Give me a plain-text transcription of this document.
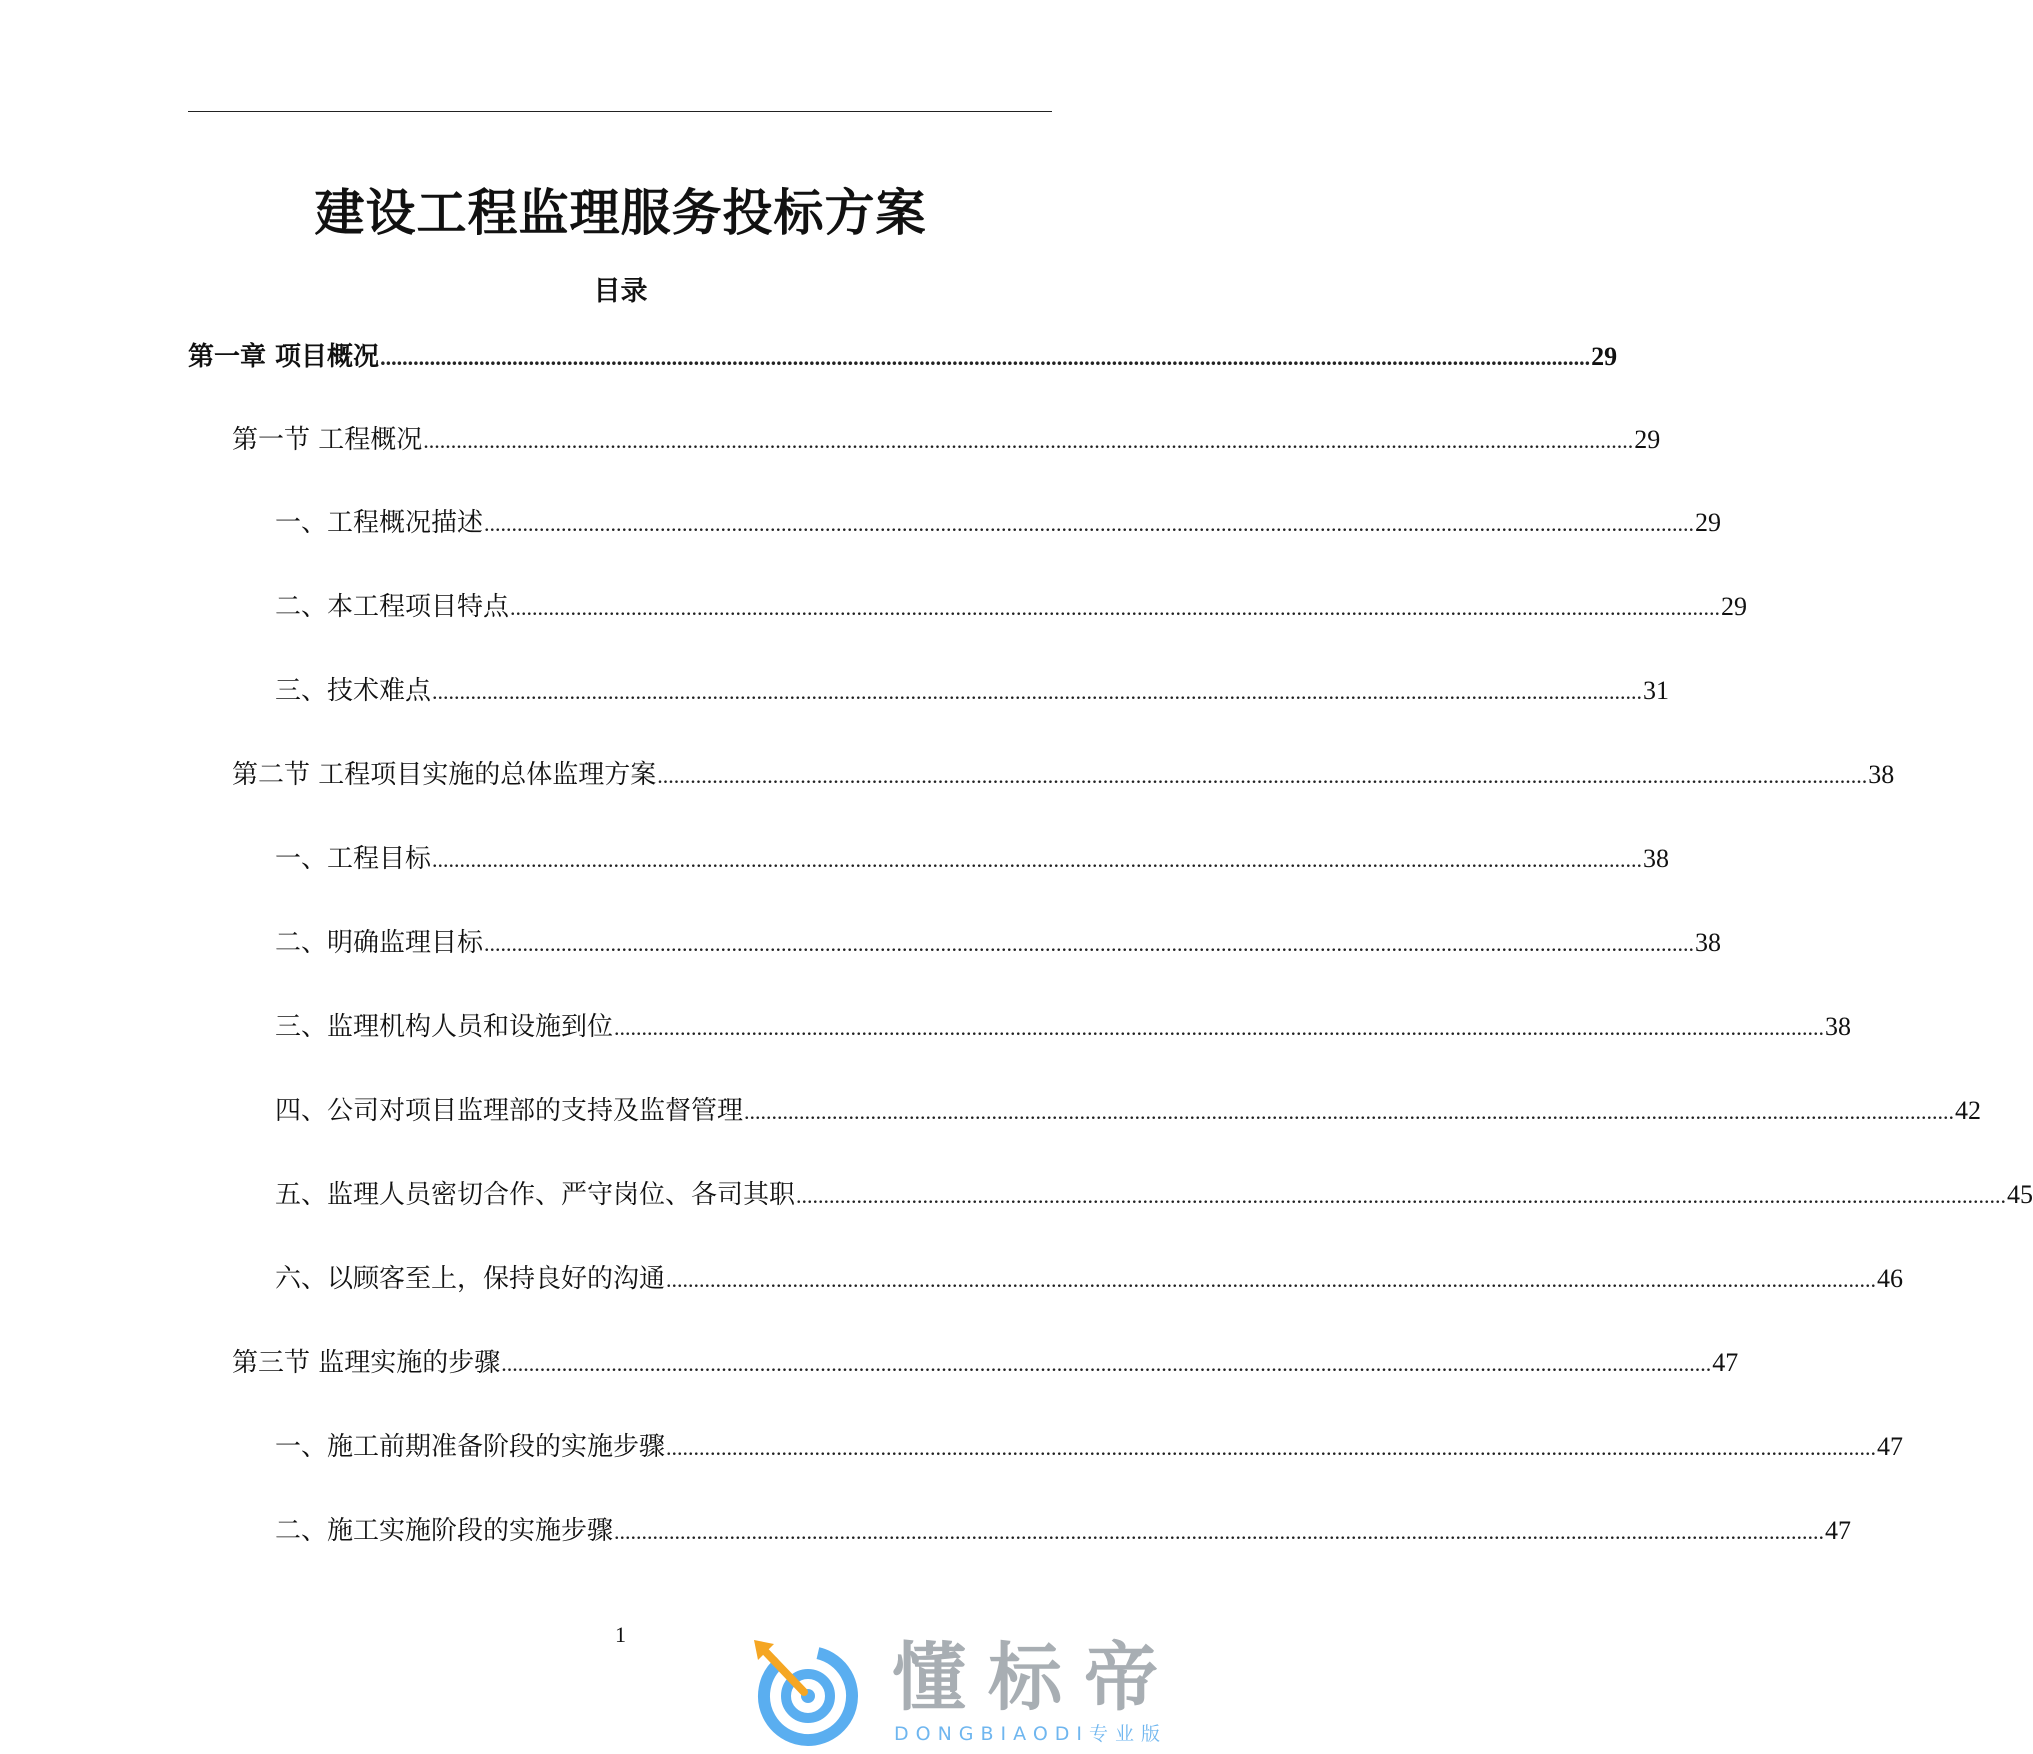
建设工程监理服务投标方案
目录
第一章 项目概况 ............................................................................................................................................................................................................................ 29
第一节 工程概况 ............................................................................................................................................................................................................................ 29
一、工程概况描述 ............................................................................................................................................................................................................................ 29
二、本工程项目特点 ............................................................................................................................................................................................................................ 29
三、技术难点 ............................................................................................................................................................................................................................ 31
第二节 工程项目实施的总体监理方案 ............................................................................................................................................................................................................................ 38
一、工程目标 ............................................................................................................................................................................................................................ 38
二、明确监理目标 ............................................................................................................................................................................................................................ 38
三、监理机构人员和设施到位 ............................................................................................................................................................................................................................ 38
四、公司对项目监理部的支持及监督管理 ............................................................................................................................................................................................................................ 42
五、监理人员密切合作、严守岗位、各司其职 ............................................................................................................................................................................................................................ 45
六、以顾客至上，保持良好的沟通 ............................................................................................................................................................................................................................ 46
第三节 监理实施的步骤 ............................................................................................................................................................................................................................ 47
一、施工前期准备阶段的实施步骤 ............................................................................................................................................................................................................................ 47
二、施工实施阶段的实施步骤 ............................................................................................................................................................................................................................ 47
1
懂标帝
DONGBIAODI专业版
